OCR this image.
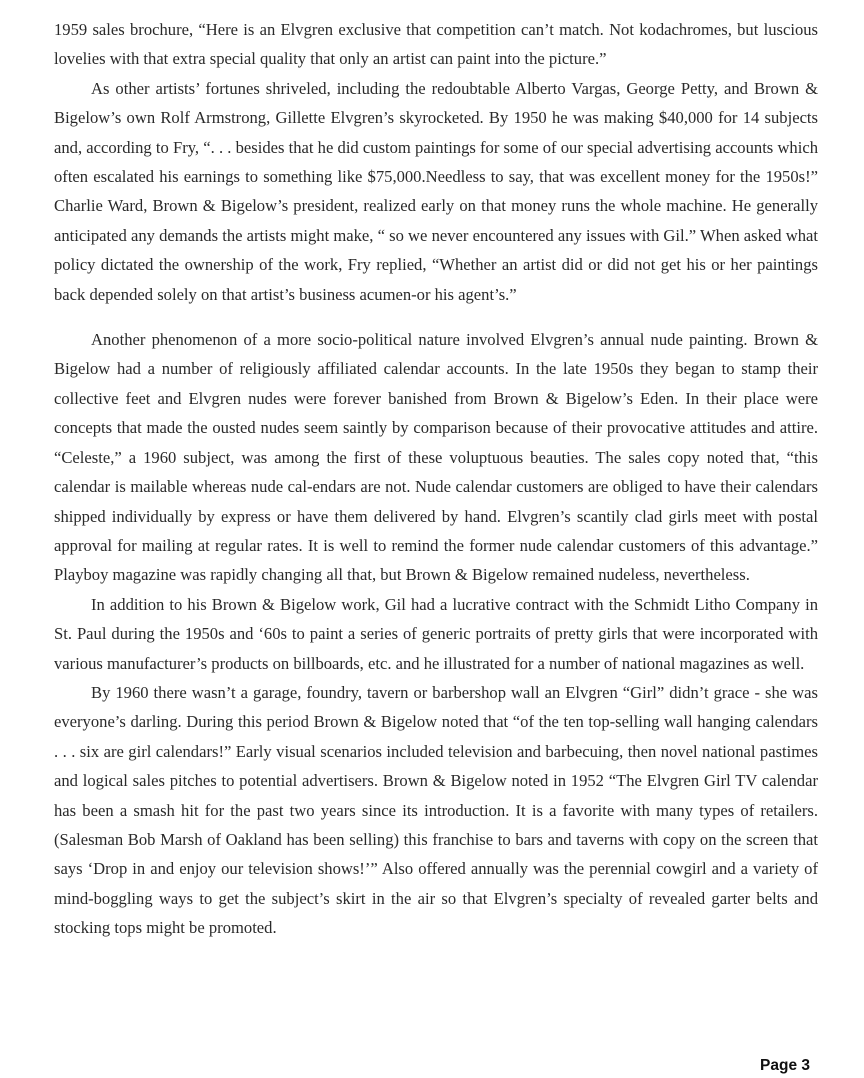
1959 sales brochure, “Here is an Elvgren exclusive that competition can’t match. Not kodachromes, but luscious lovelies with that extra special quality that only an artist can paint into the picture.”

As other artists’ fortunes shriveled, including the redoubtable Alberto Vargas, George Petty, and Brown & Bigelow’s own Rolf Armstrong, Gillette Elvgren’s skyrocketed. By 1950 he was making $40,000 for 14 subjects and, according to Fry, “. . . besides that he did custom paintings for some of our special advertising accounts which often escalated his earnings to something like $75,000.Needless to say, that was excellent money for the 1950s!” Charlie Ward, Brown & Bigelow’s president, realized early on that money runs the whole machine. He generally anticipated any demands the artists might make, “ so we never encountered any issues with Gil.” When asked what policy dictated the ownership of the work, Fry replied, “Whether an artist did or did not get his or her paintings back depended solely on that artist’s business acumen-or his agent’s.”

Another phenomenon of a more socio-political nature involved Elvgren’s annual nude painting. Brown & Bigelow had a number of religiously affiliated calendar accounts. In the late 1950s they began to stamp their collective feet and Elvgren nudes were forever banished from Brown & Bigelow’s Eden. In their place were concepts that made the ousted nudes seem saintly by comparison because of their provocative attitudes and attire. “Celeste,” a 1960 subject, was among the first of these voluptuous beauties. The sales copy noted that, “this calendar is mailable whereas nude cal-endars are not. Nude calendar customers are obliged to have their calendars shipped individually by express or have them delivered by hand. Elvgren’s scantily clad girls meet with postal approval for mailing at regular rates. It is well to remind the former nude calendar customers of this advantage.” Playboy magazine was rapidly changing all that, but Brown & Bigelow remained nudeless, nevertheless.

In addition to his Brown & Bigelow work, Gil had a lucrative contract with the Schmidt Litho Company in St. Paul during the 1950s and ‘60s to paint a series of generic portraits of pretty girls that were incorporated with various manufacturer’s products on billboards, etc. and he illustrated for a number of national magazines as well.

By 1960 there wasn’t a garage, foundry, tavern or barbershop wall an Elvgren “Girl” didn’t grace - she was everyone’s darling. During this period Brown & Bigelow noted that “of the ten top-selling wall hanging calendars . . . six are girl calendars!” Early visual scenarios included television and barbecuing, then novel national pastimes and logical sales pitches to potential advertisers. Brown & Bigelow noted in 1952 “The Elvgren Girl TV calendar has been a smash hit for the past two years since its introduction. It is a favorite with many types of retailers. (Salesman Bob Marsh of Oakland has been selling) this franchise to bars and taverns with copy on the screen that says ‘Drop in and enjoy our television shows!’” Also offered annually was the perennial cowgirl and a variety of mind-boggling ways to get the subject’s skirt in the air so that Elvgren’s specialty of revealed garter belts and stocking tops might be promoted.

Page 3
